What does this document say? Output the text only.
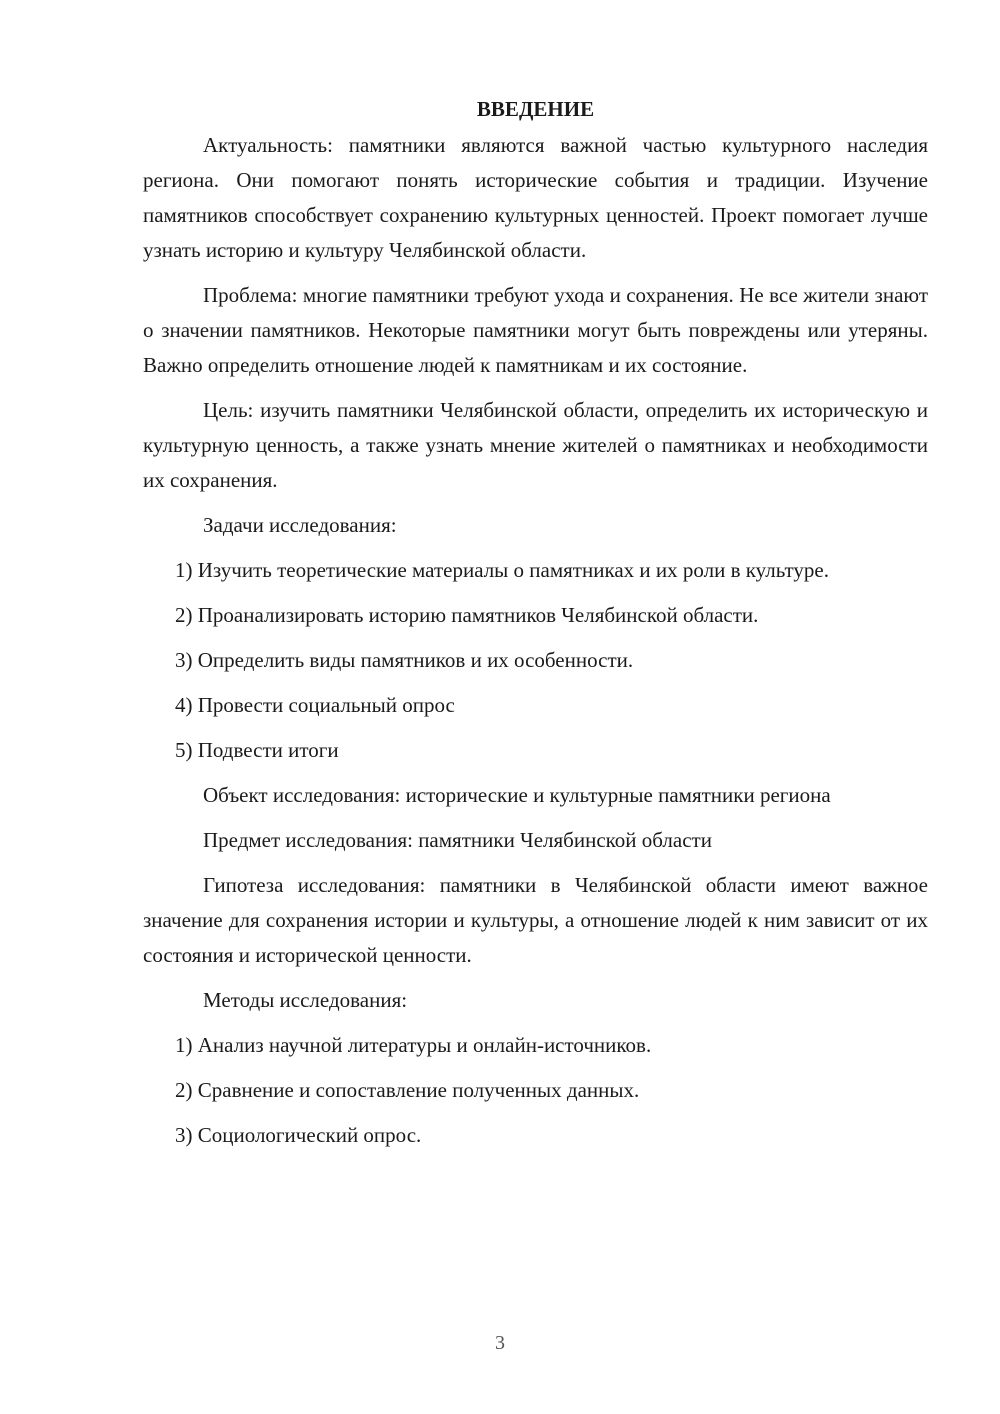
ВВЕДЕНИЕ

Актуальность: памятники являются важной частью культурного наследия региона. Они помогают понять исторические события и традиции. Изучение памятников способствует сохранению культурных ценностей. Проект помогает лучше узнать историю и культуру Челябинской области.

Проблема: многие памятники требуют ухода и сохранения. Не все жители знают о значении памятников. Некоторые памятники могут быть повреждены или утеряны. Важно определить отношение людей к памятникам и их состояние.

Цель: изучить памятники Челябинской области, определить их историческую и культурную ценность, а также узнать мнение жителей о памятниках и необходимости их сохранения.

Задачи исследования:

1) Изучить теоретические материалы о памятниках и их роли в культуре.

2) Проанализировать историю памятников Челябинской области.

3) Определить виды памятников и их особенности.

4) Провести социальный опрос

5) Подвести итоги

Объект исследования: исторические и культурные памятники региона

Предмет исследования: памятники Челябинской области

Гипотеза исследования: памятники в Челябинской области имеют важное значение для сохранения истории и культуры, а отношение людей к ним зависит от их состояния и исторической ценности.

Методы исследования:

1) Анализ научной литературы и онлайн-источников.

2) Сравнение и сопоставление полученных данных.

3) Социологический опрос.

3
